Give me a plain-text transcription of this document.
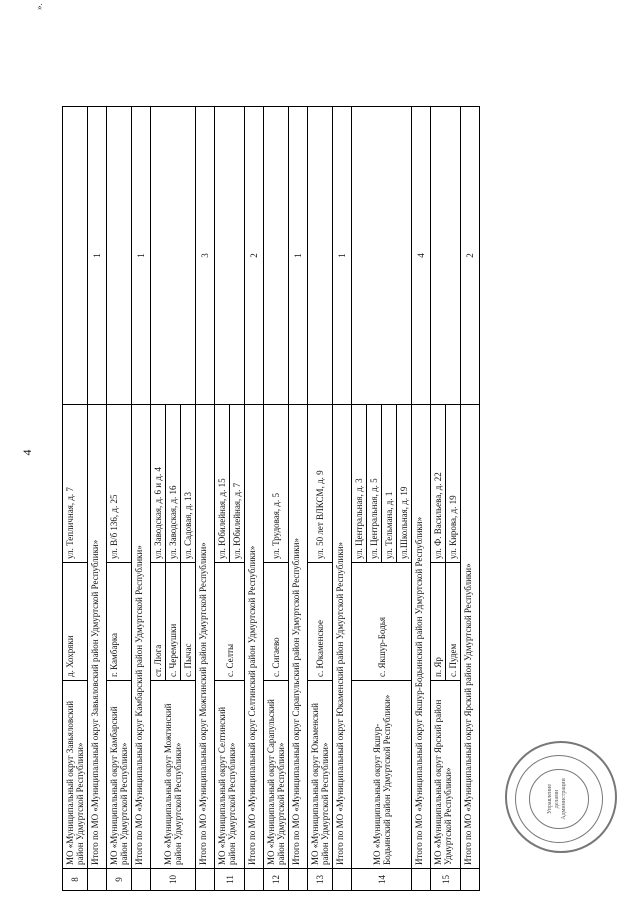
4
».
8	МО «Муниципальный округ Завьяловский район Удмуртской Республики»	д. Хохряки	ул. Тепличная, д. 7	
	Итого по МО «Муниципальный округ Завьяловский район Удмуртской Республики»			1
9	МО «Муниципальный округ Камбарский район Удмуртской Республики»	г. Камбарка	ул. В/б 136, д. 25	
	Итого по МО «Муниципальный округ Камбарский район Удмуртской Республики»			1
10	МО «Муниципальный округ Можгинский район Удмуртской Республики»	ст. Люга	ул. Заводская, д. 6 и д. 4	
		с. Черемушки	ул. Заводская, д. 16	
		с. Пычас	ул. Садовая, д. 13	
	Итого по МО «Муниципальный округ Можгинский район Удмуртской Республики»			3
11	МО «Муниципальный округ Селтинский район Удмуртской Республики»	с. Селты	ул. Юбилейная, д. 15	
			ул. Юбилейная, д. 7	
	Итого по МО «Муниципальный округ Селтинский район Удмуртской Республики»			2
12	МО «Муниципальный округ Сарапульский район Удмуртской Республики»	с. Сигаево	ул. Трудовая, д. 5	
	Итого по МО «Муниципальный округ Сарапульский район Удмуртской Республики»			1
13	МО «Муниципальный округ Юкаменский район Удмуртской Республики»	с. Юкаменское	ул. 50 лет ВЛКСМ, д. 9	
	Итого по МО «Муниципальный округ Юкаменский район Удмуртской Республики»			1
14	МО «Муниципальный округ Якшур-Бодьинский район Удмуртской Республики»	с. Якшур-Бодья	ул. Центральная, д. 3	
			ул. Центральная, д. 5	
			ул. Тельмана, д. 1	
			ул.Школьная, д. 19	
	Итого по МО «Муниципальный округ Якшур-Бодьинский район Удмуртской Республики»			4
15	МО «Муниципальный округ Ярский район Удмуртской Республики»	п. Яр	ул. Ф. Васильева, д. 22	
		с. Пудем	ул. Кирова, д. 19	
	Итого по МО «Муниципальный округ Ярский район Удмуртской Республики»			2
Управление
делами
Администрации
